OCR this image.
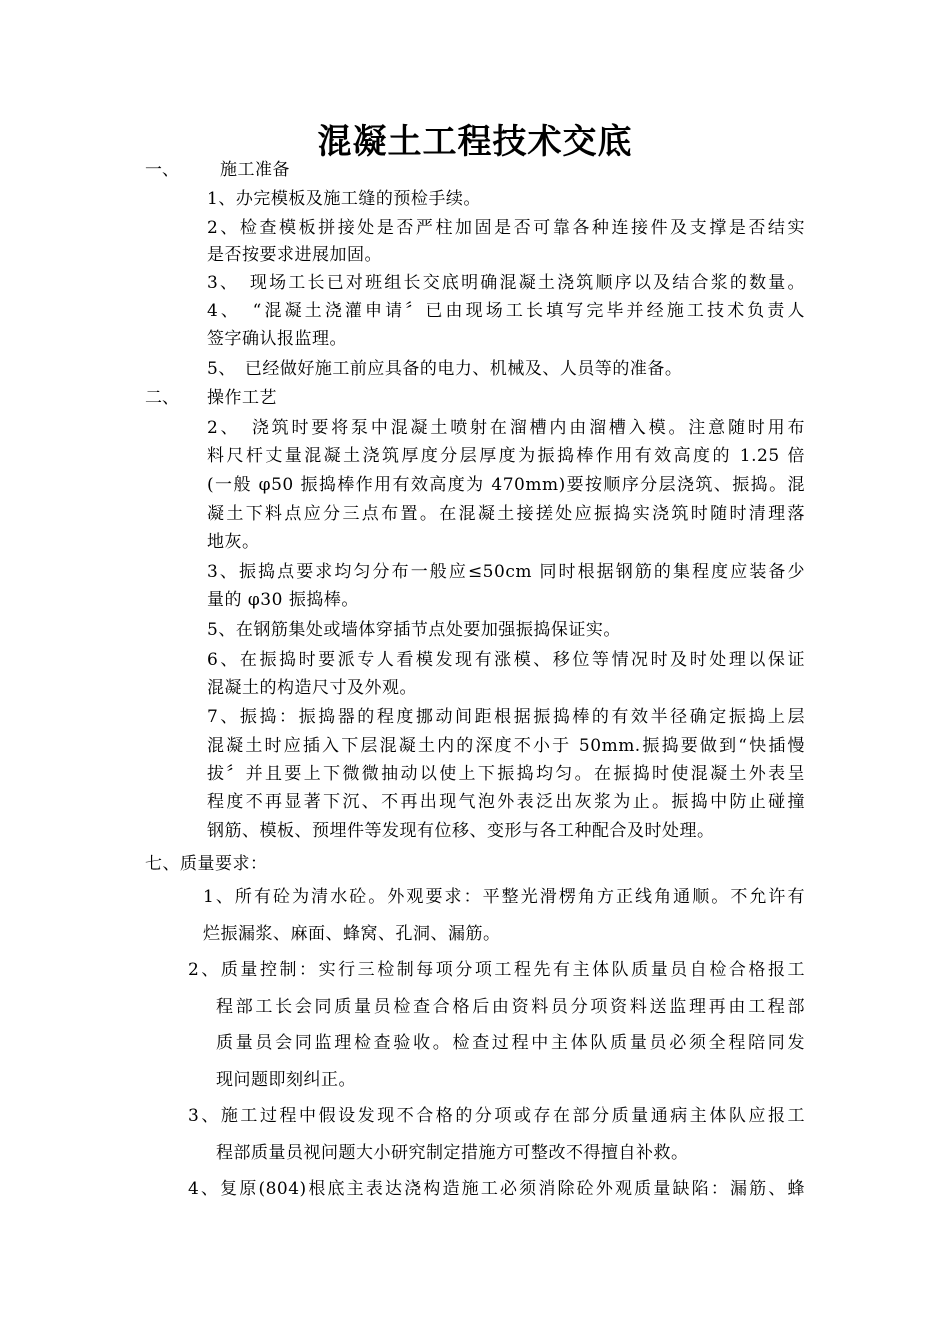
混凝土工程技术交底
一、 施工准备
1、办完模板及施工缝的预检手续。
2、检查模板拼接处是否严柱加固是否可靠各种连接件及支撑是否结实
是否按要求进展加固。
3、　现场工长已对班组长交底明确混凝土浇筑顺序以及结合浆的数量。
4、　“混凝土浇灌申请〞已由现场工长填写完毕并经施工技术负责人
签字确认报监理。
5、　已经做好施工前应具备的电力、机械及、人员等的准备。
二、 操作工艺
2、　浇筑时要将泵中混凝土喷射在溜槽内由溜槽入模。注意随时用布
料尺杆丈量混凝土浇筑厚度分层厚度为振捣棒作用有效高度的 1.25 倍
(一般 φ50 振捣棒作用有效高度为 470mm)要按顺序分层浇筑、振捣。混
凝土下料点应分三点布置。在混凝土接搓处应振捣实浇筑时随时清理落
地灰。
3、振捣点要求均匀分布一般应≤50cm 同时根据钢筋的集程度应装备少
量的 φ30 振捣棒。
5、在钢筋集处或墙体穿插节点处要加强振捣保证实。
6、在振捣时要派专人看模发现有涨模、移位等情况时及时处理以保证
混凝土的构造尺寸及外观。
7、振捣：振捣器的程度挪动间距根据振捣棒的有效半径确定振捣上层
混凝土时应插入下层混凝土内的深度不小于 50mm.振捣要做到“快插慢
拔〞并且要上下微微抽动以使上下振捣均匀。在振捣时使混凝土外表呈
程度不再显著下沉、不再出现气泡外表泛出灰浆为止。振捣中防止碰撞
钢筋、模板、预埋件等发现有位移、变形与各工种配合及时处理。
七、质量要求：
1、所有砼为清水砼。外观要求：平整光滑楞角方正线角通顺。不允许有
烂振漏浆、麻面、蜂窝、孔洞、漏筋。
2、质量控制：实行三检制每项分项工程先有主体队质量员自检合格报工
程部工长会同质量员检查合格后由资料员分项资料送监理再由工程部
质量员会同监理检查验收。检查过程中主体队质量员必须全程陪同发
现问题即刻纠正。
3、施工过程中假设发现不合格的分项或存在部分质量通病主体队应报工
程部质量员视问题大小研究制定措施方可整改不得擅自补救。
4、复原(804)根底主表达浇构造施工必须消除砼外观质量缺陷：漏筋、蜂
